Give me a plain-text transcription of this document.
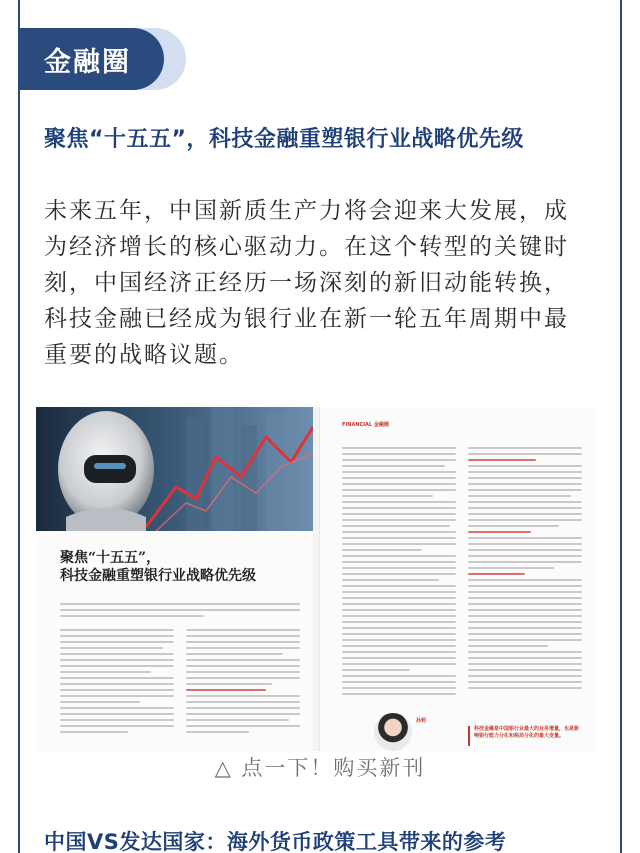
金融圈
聚焦“十五五”，科技金融重塑银行业战略优先级
未来五年，中国新质生产力将会迎来大发展，成
为经济增长的核心驱动力。在这个转型的关键时
刻，中国经济正经历一场深刻的新旧动能转换，
科技金融已经成为银行业在新一轮五年周期中最
重要的战略议题。
聚焦“十五五”，
科技金融重塑银行业战略优先级
FINANCIAL 金融圈
孙莉
科技金融是中国银行业最大的业务增量，也是影响银行能力分化和格局分化的最大变量。
△ 点一下！购买新刊
中国VS发达国家：海外货币政策工具带来的参考
